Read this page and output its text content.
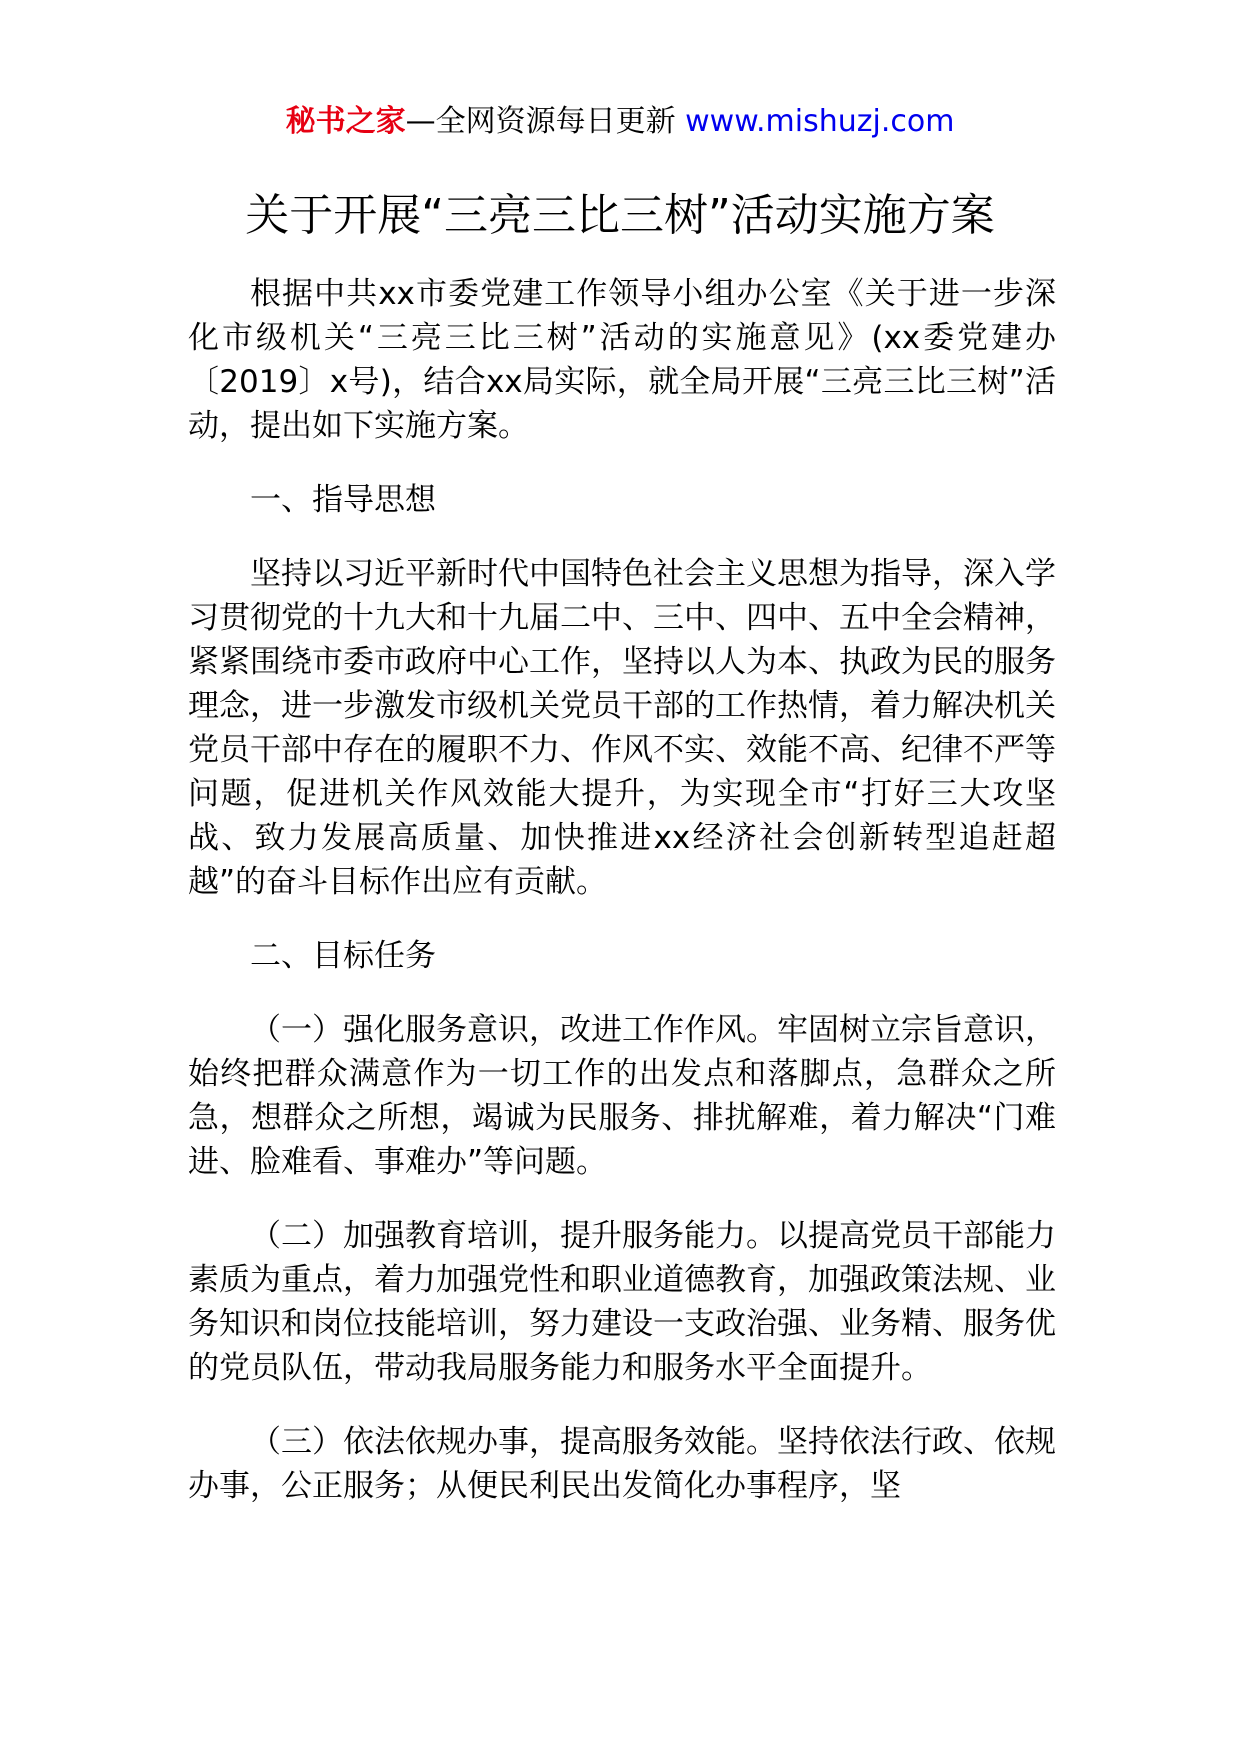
秘书之家—全网资源每日更新 www.mishuzj.com
关于开展“三亮三比三树”活动实施方案

根据中共xx市委党建工作领导小组办公室《关于进一步深化市级机关“三亮三比三树”活动的实施意见》(xx委党建办〔2019〕x号)，结合xx局实际，就全局开展“三亮三比三树”活动，提出如下实施方案。

一、指导思想

坚持以习近平新时代中国特色社会主义思想为指导，深入学习贯彻党的十九大和十九届二中、三中、四中、五中全会精神，紧紧围绕市委市政府中心工作，坚持以人为本、执政为民的服务理念，进一步激发市级机关党员干部的工作热情，着力解决机关党员干部中存在的履职不力、作风不实、效能不高、纪律不严等问题，促进机关作风效能大提升，为实现全市“打好三大攻坚战、致力发展高质量、加快推进xx经济社会创新转型追赶超越”的奋斗目标作出应有贡献。

二、目标任务

（一）强化服务意识，改进工作作风。牢固树立宗旨意识，始终把群众满意作为一切工作的出发点和落脚点，急群众之所急，想群众之所想，竭诚为民服务、排扰解难，着力解决“门难进、脸难看、事难办”等问题。

（二）加强教育培训，提升服务能力。以提高党员干部能力素质为重点，着力加强党性和职业道德教育，加强政策法规、业务知识和岗位技能培训，努力建设一支政治强、业务精、服务优的党员队伍，带动我局服务能力和服务水平全面提升。

（三）依法依规办事，提高服务效能。坚持依法行政、依规办事，公正服务；从便民利民出发简化办事程序，坚
